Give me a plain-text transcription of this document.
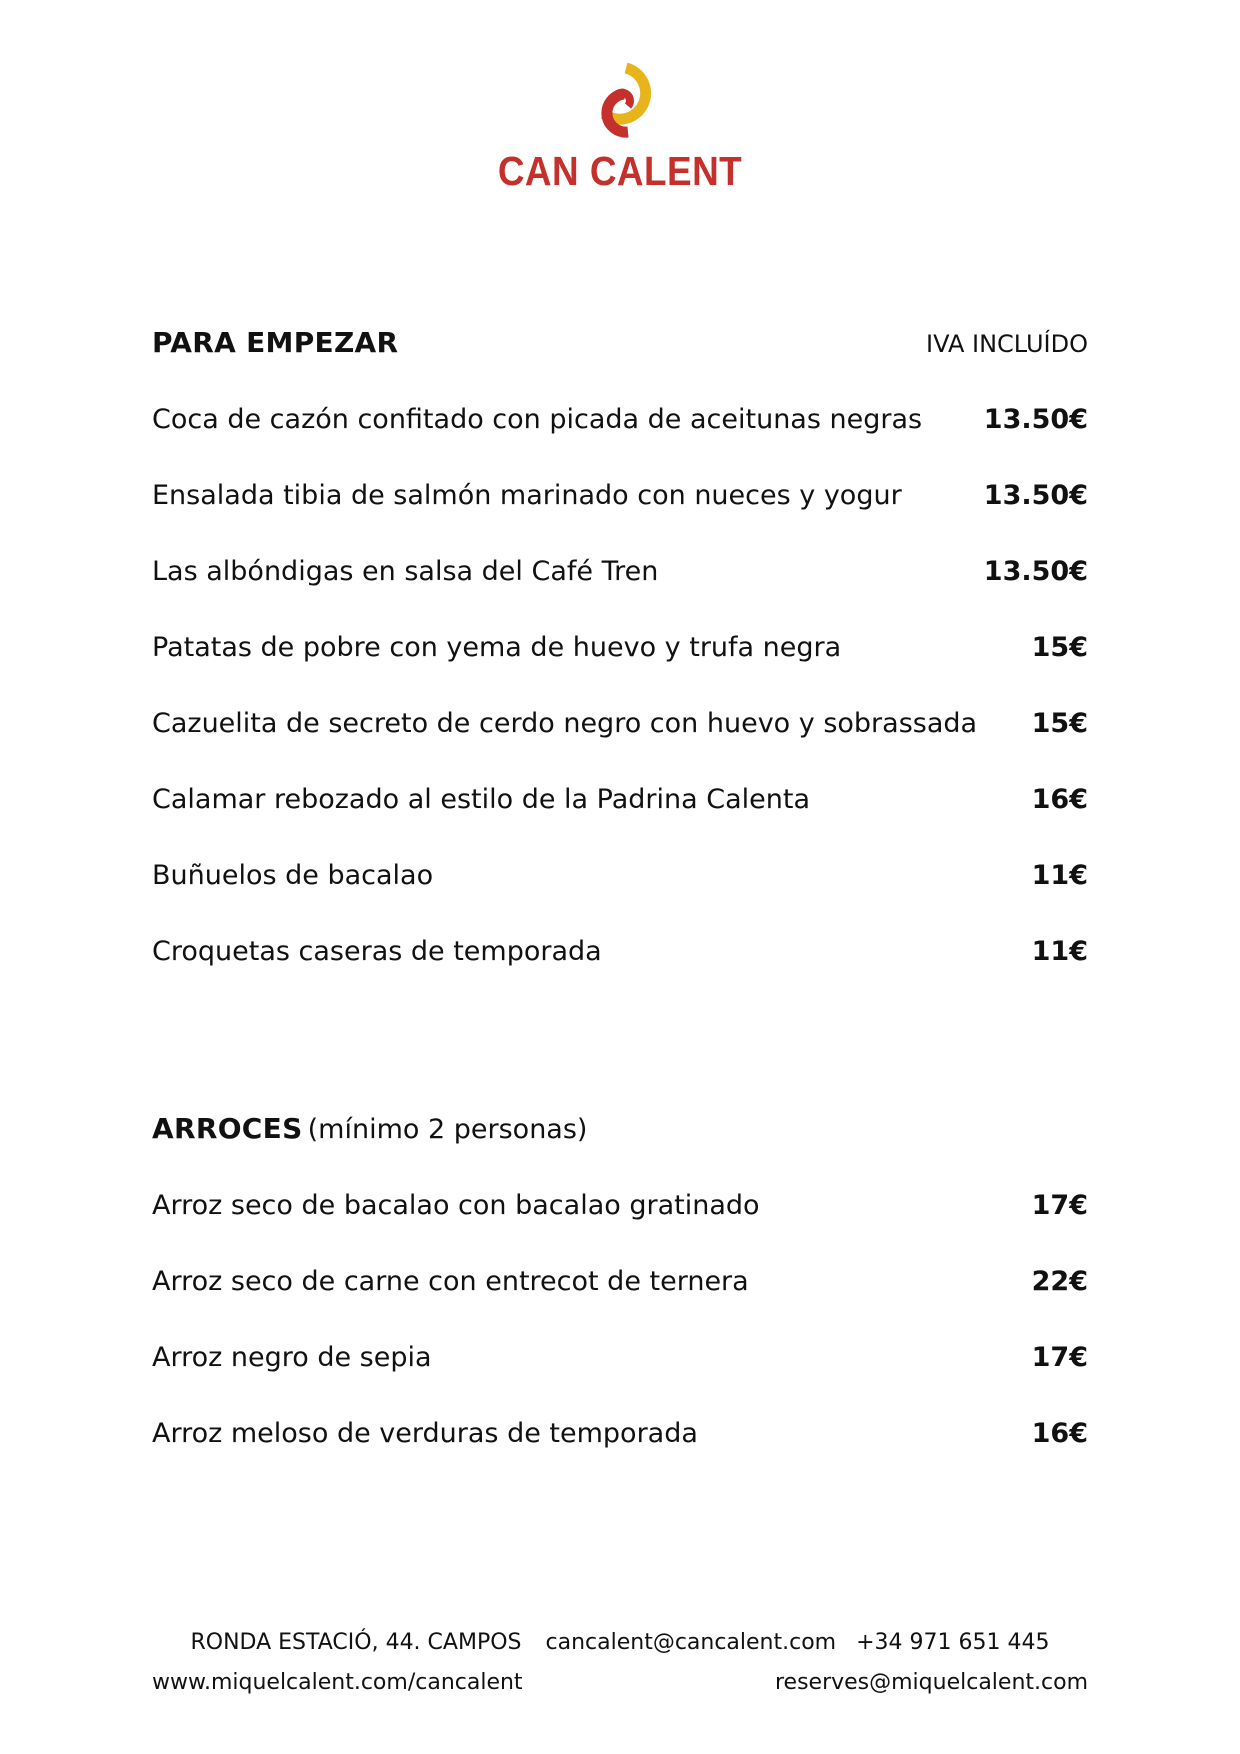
CAN CALENT
PARA EMPEZAR	IVA INCLUÍDO
Coca de cazón confitado con picada de aceitunas negras 13.50€
Ensalada tibia de salmón marinado con nueces y yogur	13.50€
Las albóndigas en salsa del Café Tren	13.50€
Patatas de pobre con yema de huevo y trufa negra	15€
Cazuelita de secreto de cerdo negro con huevo y sobrassada 15€
Calamar rebozado al estilo de la Padrina Calenta	16€
Buñuelos de bacalao	11€
Croquetas caseras de temporada	11€
ARROCES (mínimo 2 personas)
Arroz seco de bacalao con bacalao gratinado	17€
Arroz seco de carne con entrecot de ternera	22€
Arroz negro de sepia	17€
Arroz meloso de verduras de temporada	16€
RONDA ESTACIÓ, 44. CAMPOS cancalent@cancalent.com +34 971 651 445
www.miquelcalent.com/cancalent	reserves@miquelcalent.com
